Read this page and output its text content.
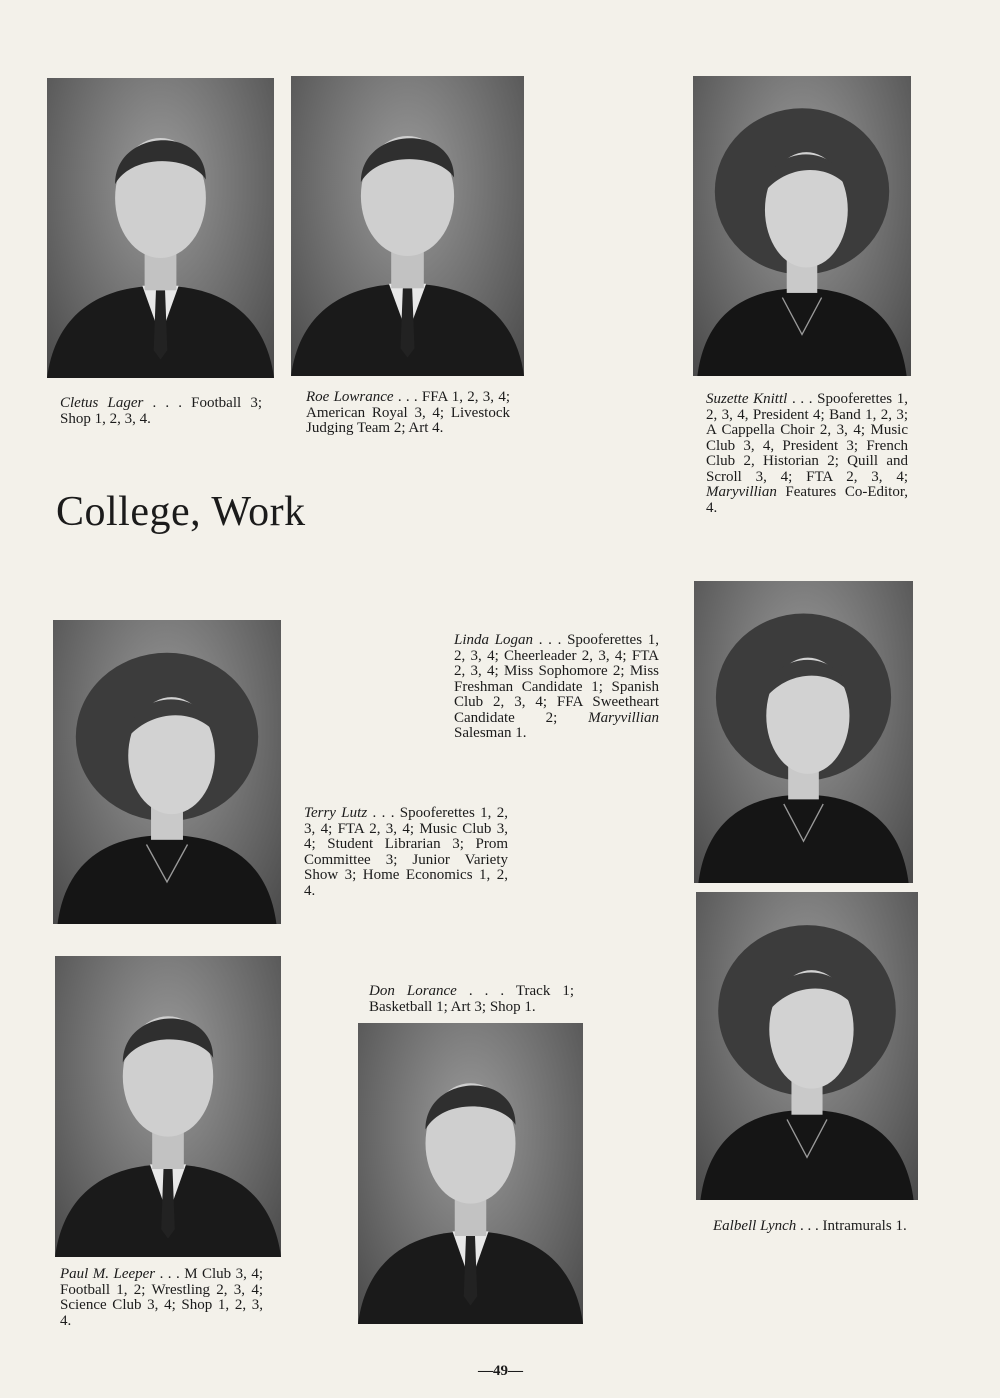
College, Work

Cletus Lager . . . Football 3; Shop 1, 2, 3, 4.

Roe Lowrance . . . FFA 1, 2, 3, 4; American Royal 3, 4; Livestock Judging Team 2; Art 4.

Suzette Knittl . . . Spooferettes 1, 2, 3, 4, President 4; Band 1, 2, 3; A Cappella Choir 2, 3, 4; Music Club 3, 4, President 3; French Club 2, Historian 2; Quill and Scroll 3, 4; FTA 2, 3, 4; Maryvillian Features Co-Editor, 4.

Linda Logan . . . Spooferettes 1, 2, 3, 4; Cheerleader 2, 3, 4; FTA 2, 3, 4; Miss Sophomore 2; Miss Freshman Candidate 1; Spanish Club 2, 3, 4; FFA Sweetheart Candidate 2; Maryvillian Salesman 1.

Terry Lutz . . . Spooferettes 1, 2, 3, 4; FTA 2, 3, 4; Music Club 3, 4; Student Librarian 3; Prom Committee 3; Junior Variety Show 3; Home Economics 1, 2, 4.

Don Lorance . . . Track 1; Basketball 1; Art 3; Shop 1.

Paul M. Leeper . . . M Club 3, 4; Football 1, 2; Wrestling 2, 3, 4; Science Club 3, 4; Shop 1, 2, 3, 4.

Ealbell Lynch . . . Intramurals 1.

—49—
